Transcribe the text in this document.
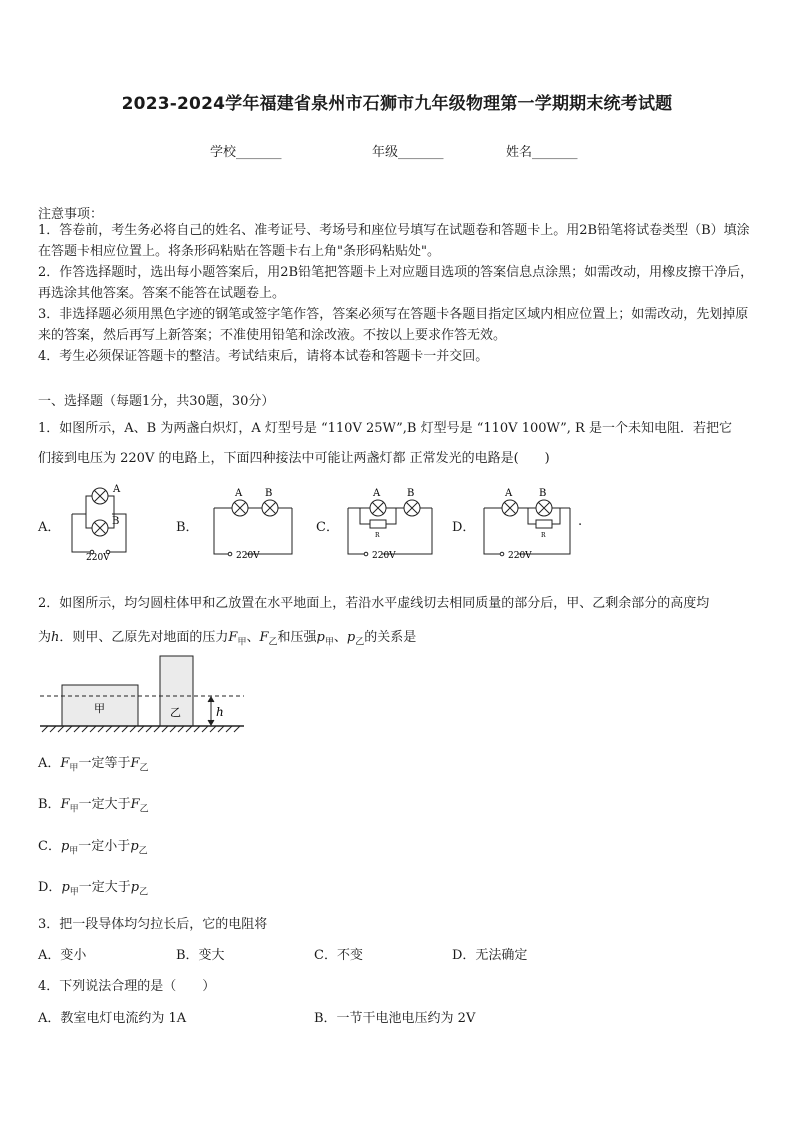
2023-2024学年福建省泉州市石狮市九年级物理第一学期期末统考试题
学校_______	年级_______	姓名_______
注意事项：
1．答卷前，考生务必将自己的姓名、准考证号、考场号和座位号填写在试题卷和答题卡上。用2B铅笔将试卷类型（B）填涂在答题卡相应位置上。将条形码粘贴在答题卡右上角"条形码粘贴处"。
2．作答选择题时，选出每小题答案后，用2B铅笔把答题卡上对应题目选项的答案信息点涂黑；如需改动，用橡皮擦干净后，再选涂其他答案。答案不能答在试题卷上。
3．非选择题必须用黑色字迹的钢笔或签字笔作答，答案必须写在答题卡各题目指定区域内相应位置上；如需改动，先划掉原来的答案，然后再写上新答案；不准使用铅笔和涂改液。不按以上要求作答无效。
4．考生必须保证答题卡的整洁。考试结束后，请将本试卷和答题卡一并交回。
一、选择题（每题1分，共30题，30分）
1．如图所示，A、B 为两盏白炽灯，A 灯型号是 “110V 25W”,B 灯型号是 “110V 100W”, R 是一个未知电阻．若把它
们接到电压为 220V 的电路上，下面四种接法中可能让两盏灯都 正常发光的电路是(　　)
A．	B．	C．	D．
A
B
220V
A B
220V
A	B
R
220V
A	B
R
220V
.
2．如图所示，均匀圆柱体甲和乙放置在水平地面上，若沿水平虚线切去相同质量的部分后，甲、乙剩余部分的高度均
为h．则甲、乙原先对地面的压力$F_甲$、$F_乙$和压强$p_甲$、$p_乙$的关系是
甲	乙	h
A．$F_甲$一定等于$F_乙$
B．$F_甲$一定大于$F_乙$
C．$p_甲$一定小于$p_乙$
D．$p_甲$一定大于$p_乙$
3．把一段导体均匀拉长后，它的电阻将
A．变小	B．变大	C．不变	D．无法确定
4．下列说法合理的是（　　）
A．教室电灯电流约为 1A	B．一节干电池电压约为 2V
